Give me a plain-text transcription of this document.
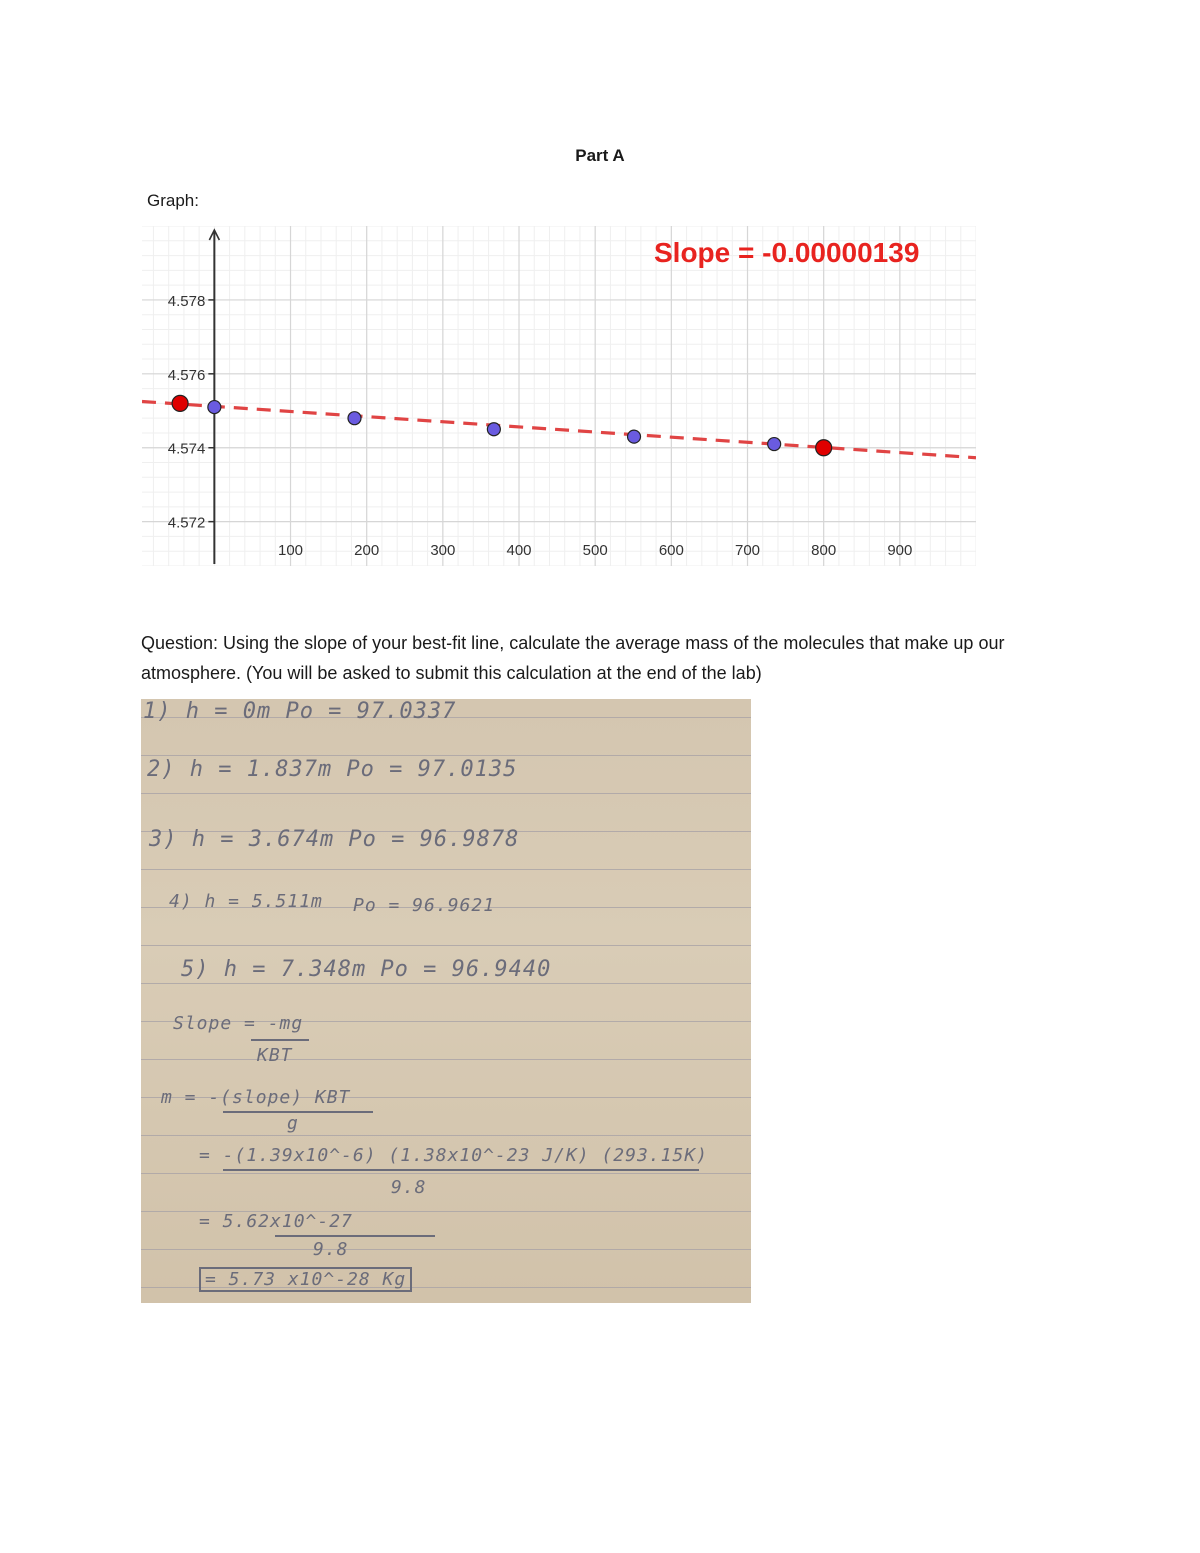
Part A
Graph:
4.578
4.576
4.574
4.572
100	200	300	400	500	600	700	800	900
Slope = -0.00000139
Question: Using the slope of your best-fit line, calculate the average mass of the molecules that make up our atmosphere. (You will be asked to submit this calculation at the end of the lab)
1) h = 0m Po = 97.0337
2) h = 1.837m Po = 97.0135
3) h = 3.674m Po = 96.9878
4) h = 5.511m Po = 96.9621
5) h = 7.348m Po = 96.9440
Slope = -mg
KBT
m = -(slope) KBT
g
= -(1.39x10^-6) (1.38x10^-23 J/K) (293.15K)
9.8
= 5.62x10^-27
9.8
= 5.73 x10^-28 Kg
